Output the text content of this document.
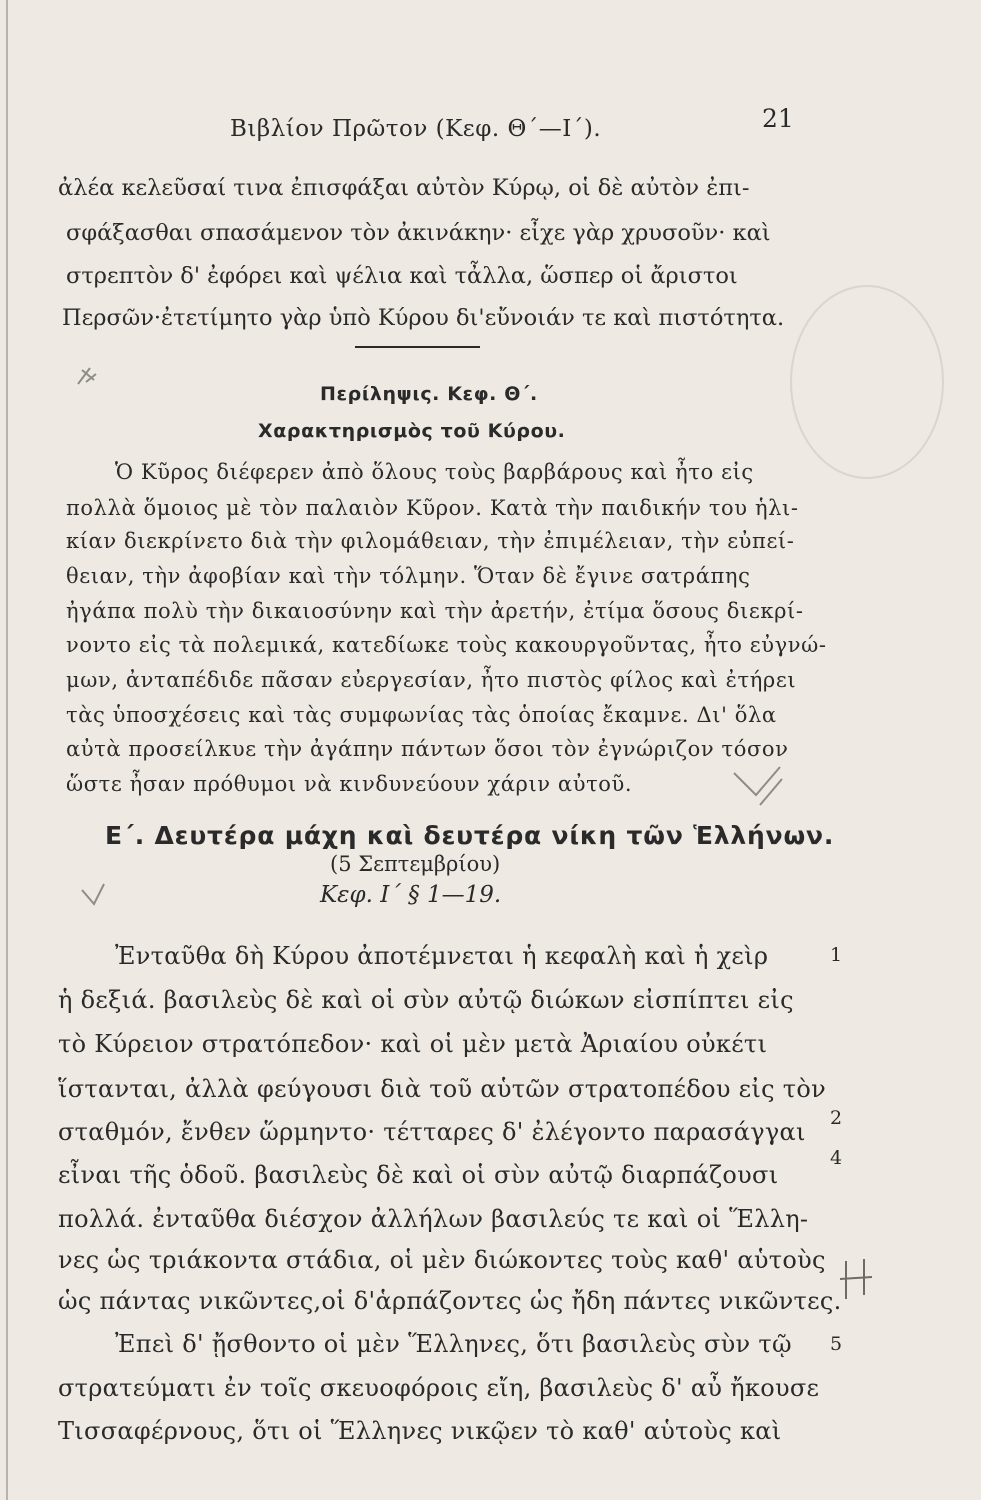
Βιβλίον Πρῶτον (Κεφ. Θ΄—Ι΄).	21
ἀλέα κελεῦσαί τινα ἐπισφάξαι αὐτὸν Κύρῳ, οἱ δὲ αὐτὸν ἐπι-
σφάξασθαι σπασάμενον τὸν ἀκινάκην· εἶχε γὰρ χρυσοῦν· καὶ
στρεπτὸν δ' ἐφόρει καὶ ψέλια καὶ τἆλλα, ὥσπερ οἱ ἄριστοι
Περσῶν·ἐτετίμητο γὰρ ὑπὸ Κύρου δι'εὔνοιάν τε καὶ πιστότητα.
Περίληψις. Κεφ. Θ΄.
Χαρακτηρισμὸς τοῦ Κύρου.
Ὁ Κῦρος διέφερεν ἀπὸ ὅλους τοὺς βαρβάρους καὶ ἦτο εἰς
πολλὰ ὅμοιος μὲ τὸν παλαιὸν Κῦρον. Κατὰ τὴν παιδικήν του ἡλι-
κίαν διεκρίνετο διὰ τὴν φιλομάθειαν, τὴν ἐπιμέλειαν, τὴν εὐπεί-
θειαν, τὴν ἀφοβίαν καὶ τὴν τόλμην. Ὅταν δὲ ἔγινε σατράπης
ἠγάπα πολὺ τὴν δικαιοσύνην καὶ τὴν ἀρετήν, ἐτίμα ὅσους διεκρί-
νοντο εἰς τὰ πολεμικά, κατεδίωκε τοὺς κακουργοῦντας, ἦτο εὐγνώ-
μων, ἀνταπέδιδε πᾶσαν εὐεργεσίαν, ἦτο πιστὸς φίλος καὶ ἐτήρει
τὰς ὑποσχέσεις καὶ τὰς συμφωνίας τὰς ὁποίας ἔκαμνε. Δι' ὅλα
αὐτὰ προσείλκυε τὴν ἀγάπην πάντων ὅσοι τὸν ἐγνώριζον τόσον
ὥστε ἦσαν πρόθυμοι νὰ κινδυνεύουν χάριν αὐτοῦ.
Ε΄. Δευτέρα μάχη καὶ δευτέρα νίκη τῶν Ἑλλήνων.
(5 Σεπτεμβρίου)
Κεφ. Ι΄ § 1—19.
Ἐνταῦθα δὴ Κύρου ἀποτέμνεται ἡ κεφαλὴ καὶ ἡ χεὶρ
ἡ δεξιά. βασιλεὺς δὲ καὶ οἱ σὺν αὐτῷ διώκων εἰσπίπτει εἰς
τὸ Κύρειον στρατόπεδον· καὶ οἱ μὲν μετὰ Ἀριαίου οὐκέτι
ἵστανται, ἀλλὰ φεύγουσι διὰ τοῦ αὑτῶν στρατοπέδου εἰς τὸν
σταθμόν, ἔνθεν ὥρμηντο· τέτταρες δ' ἐλέγοντο παρασάγγαι
εἶναι τῆς ὁδοῦ. βασιλεὺς δὲ καὶ οἱ σὺν αὐτῷ διαρπάζουσι
πολλά. ἐνταῦθα διέσχον ἀλλήλων βασιλεύς τε καὶ οἱ Ἕλλη-
νες ὡς τριάκοντα στάδια, οἱ μὲν διώκοντες τοὺς καθ' αὑτοὺς
ὡς πάντας νικῶντες,οἱ δ'ἁρπάζοντες ὡς ἤδη πάντες νικῶντες.
Ἐπεὶ δ' ᾔσθοντο οἱ μὲν Ἕλληνες, ὅτι βασιλεὺς σὺν τῷ
στρατεύματι ἐν τοῖς σκευοφόροις εἴη, βασιλεὺς δ' αὖ ἤκουσε
Τισσαφέρνους, ὅτι οἱ Ἕλληνες νικῷεν τὸ καθ' αὑτοὺς καὶ
1
2
4
5
